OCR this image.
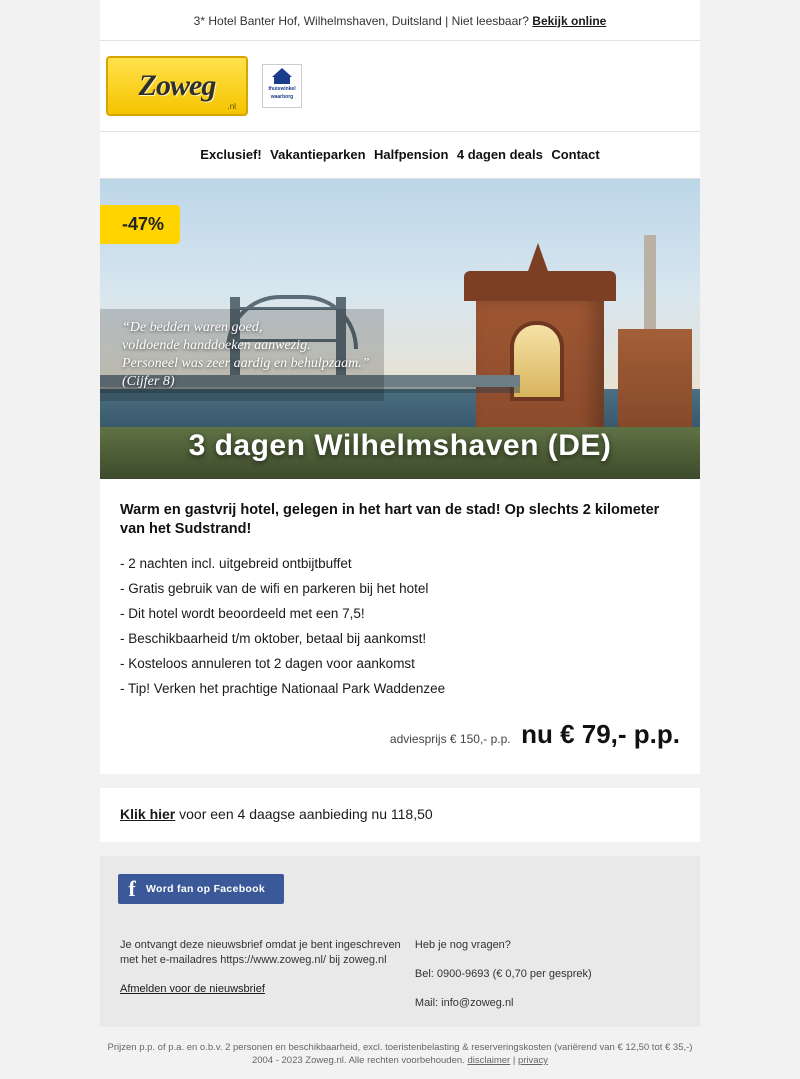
3* Hotel Banter Hof, Wilhelmshaven, Duitsland | Niet leesbaar? Bekijk online
Zoweg
.nl
thuiswinkel
waarborg
Exclusief! Vakantieparken Halfpension 4 dagen deals Contact
-47%
“De bedden waren goed,
voldoende handdoeken aanwezig.
Personeel was zeer aardig en behulpzaam.”
(Cijfer 8)
3 dagen Wilhelmshaven (DE)
Warm en gastvrij hotel, gelegen in het hart van de stad! Op slechts 2 kilometer van het Sudstrand!

- 2 nachten incl. uitgebreid ontbijtbuffet

- Gratis gebruik van de wifi en parkeren bij het hotel

- Dit hotel wordt beoordeeld met een 7,5!

- Beschikbaarheid t/m oktober, betaal bij aankomst!

- Kosteloos annuleren tot 2 dagen voor aankomst

- Tip! Verken het prachtige Nationaal Park Waddenzee

adviesprijs € 150,- p.p. nu € 79,- p.p.
Klik hier voor een 4 daagse aanbieding nu 118,50
f Word fan op Facebook
Je ontvangt deze nieuwsbrief omdat je bent ingeschreven met het e-mailadres https://www.zoweg.nl/ bij zoweg.nl
Afmelden voor de nieuwsbrief

Heb je nog vragen?

Bel: 0900-9693 (€ 0,70 per gesprek)

Mail: info@zoweg.nl

Prijzen p.p. of p.a. en o.b.v. 2 personen en beschikbaarheid, excl. toeristenbelasting & reserveringskosten (variërend van € 12,50 tot € 35,-)
2004 - 2023 Zoweg.nl. Alle rechten voorbehouden. disclaimer | privacy
